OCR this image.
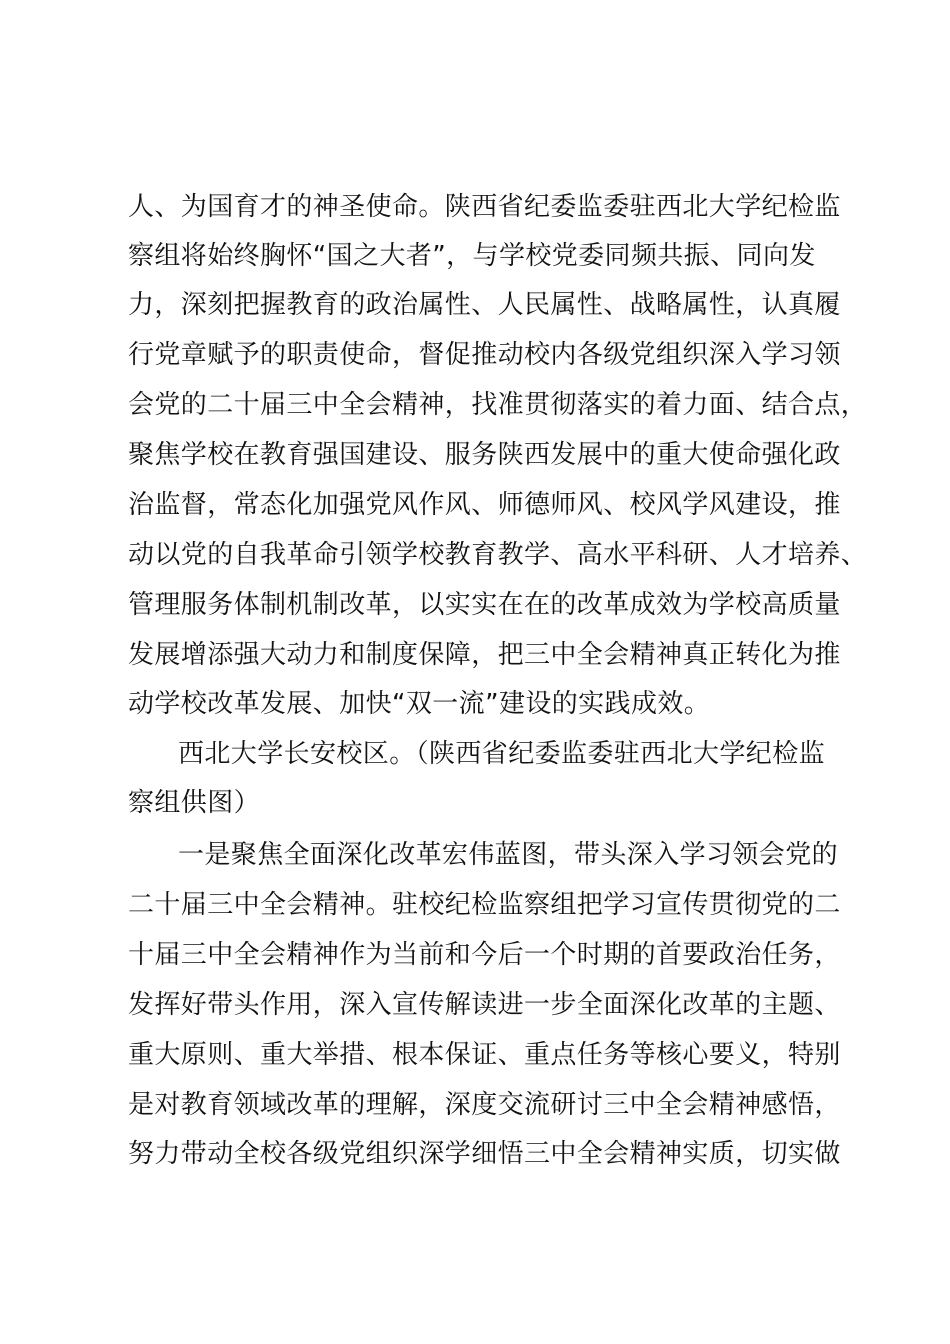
人、为国育才的神圣使命。陕西省纪委监委驻西北大学纪检监
察组将始终胸怀“国之大者”，与学校党委同频共振、同向发
力，深刻把握教育的政治属性、人民属性、战略属性，认真履
行党章赋予的职责使命，督促推动校内各级党组织深入学习领
会党的二十届三中全会精神，找准贯彻落实的着力面、结合点，
聚焦学校在教育强国建设、服务陕西发展中的重大使命强化政
治监督，常态化加强党风作风、师德师风、校风学风建设，推
动以党的自我革命引领学校教育教学、高水平科研、人才培养、
管理服务体制机制改革，以实实在在的改革成效为学校高质量
发展增添强大动力和制度保障，把三中全会精神真正转化为推
动学校改革发展、加快“双一流”建设的实践成效。
西北大学长安校区。（陕西省纪委监委驻西北大学纪检监
察组供图）
一是聚焦全面深化改革宏伟蓝图，带头深入学习领会党的
二十届三中全会精神。驻校纪检监察组把学习宣传贯彻党的二
十届三中全会精神作为当前和今后一个时期的首要政治任务，
发挥好带头作用，深入宣传解读进一步全面深化改革的主题、
重大原则、重大举措、根本保证、重点任务等核心要义，特别
是对教育领域改革的理解，深度交流研讨三中全会精神感悟，
努力带动全校各级党组织深学细悟三中全会精神实质，切实做
